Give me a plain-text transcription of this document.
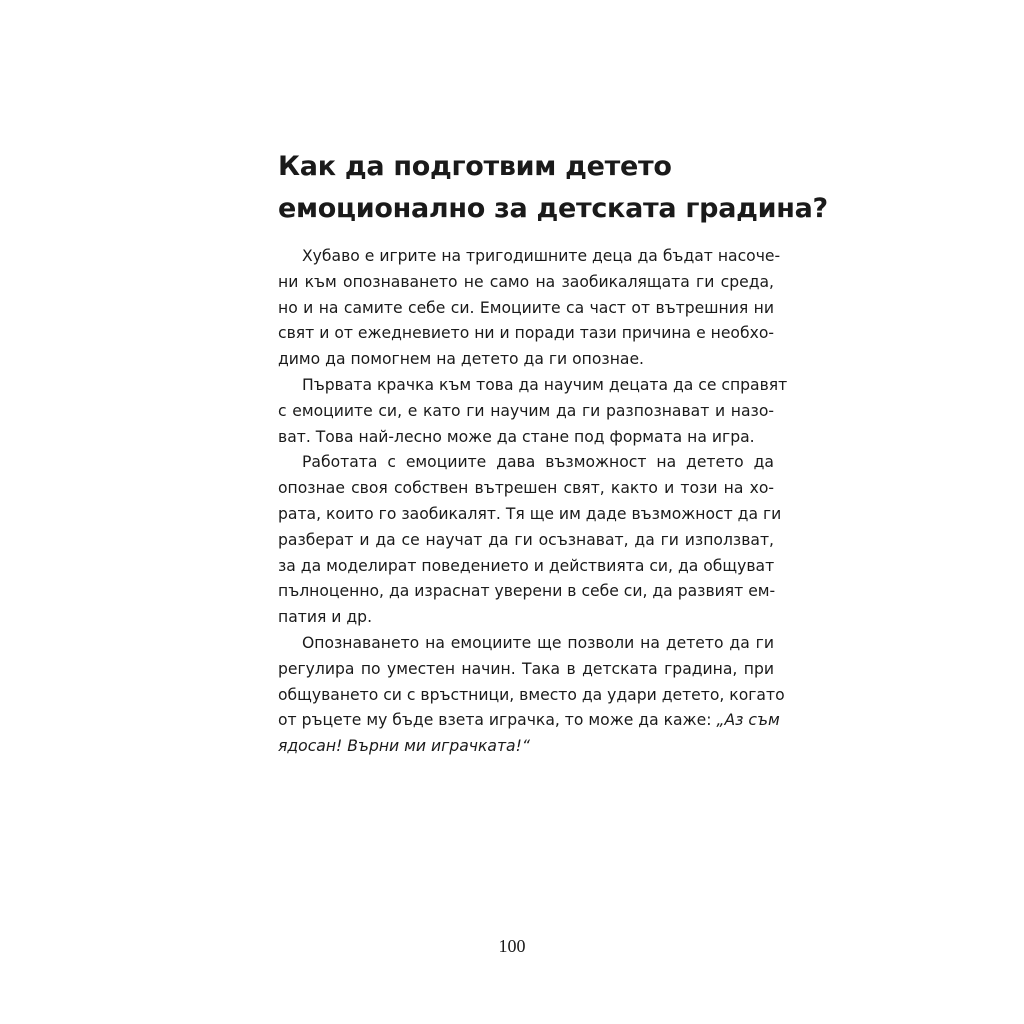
Как да подготвим детето
емоционално за детската градина?

Хубаво е игрите на тригодишните деца да бъдат насоче-
ни към опознаването не само на заобикалящата ги среда,
но и на самите себе си. Емоциите са част от вътрешния ни
свят и от ежедневието ни и поради тази причина е необхо-
димо да помогнем на детето да ги опознае.

Първата крачка към това да научим децата да се справят
с емоциите си, е като ги научим да ги разпознават и назо-
ват. Това най-лесно може да стане под формата на игра.

Работата с емоциите дава възможност на детето да
опознае своя собствен вътрешен свят, както и този на хо-
рата, които го заобикалят. Тя ще им даде възможност да ги
разберат и да се научат да ги осъзнават, да ги използват,
за да моделират поведението и действията си, да общуват
пълноценно, да израснат уверени в себе си, да развият ем-
патия и др.

Опознаването на емоциите ще позволи на детето да ги
регулира по уместен начин. Така в детската градина, при
общуването си с връстници, вместо да удари детето, когато
от ръцете му бъде взета играчка, то може да каже: „Аз съм
ядосан! Върни ми играчката!“

100
